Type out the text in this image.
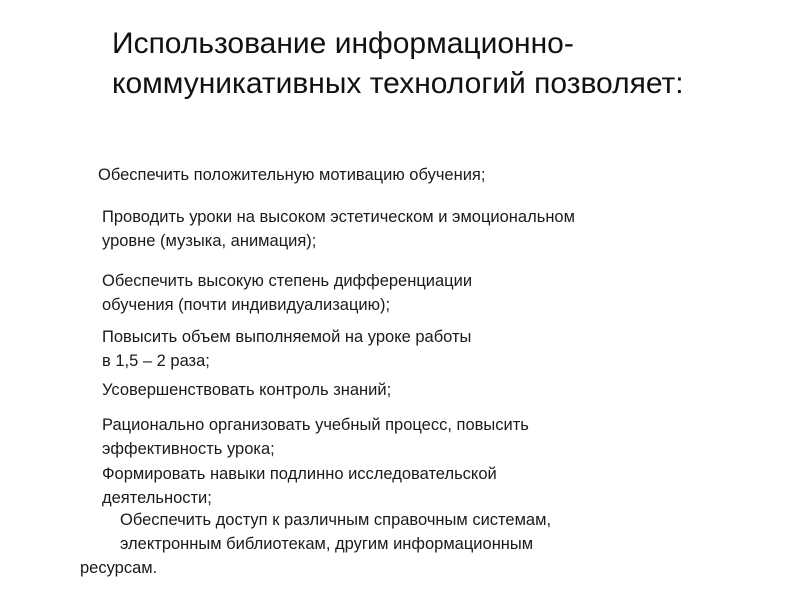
Использование информационно-
коммуникативных технологий позволяет:
Обеспечить положительную мотивацию обучения;
Проводить уроки на высоком эстетическом и эмоциональном
уровне (музыка, анимация);
Обеспечить высокую степень дифференциации
обучения (почти индивидуализацию);
Повысить объем выполняемой на уроке работы
в 1,5 – 2 раза;
Усовершенствовать контроль знаний;
Рационально организовать учебный процесс, повысить
эффективность урока;
Формировать навыки подлинно исследовательской
деятельности;
Обеспечить доступ к различным справочным системам,
электронным библиотекам, другим информационным
ресурсам.
